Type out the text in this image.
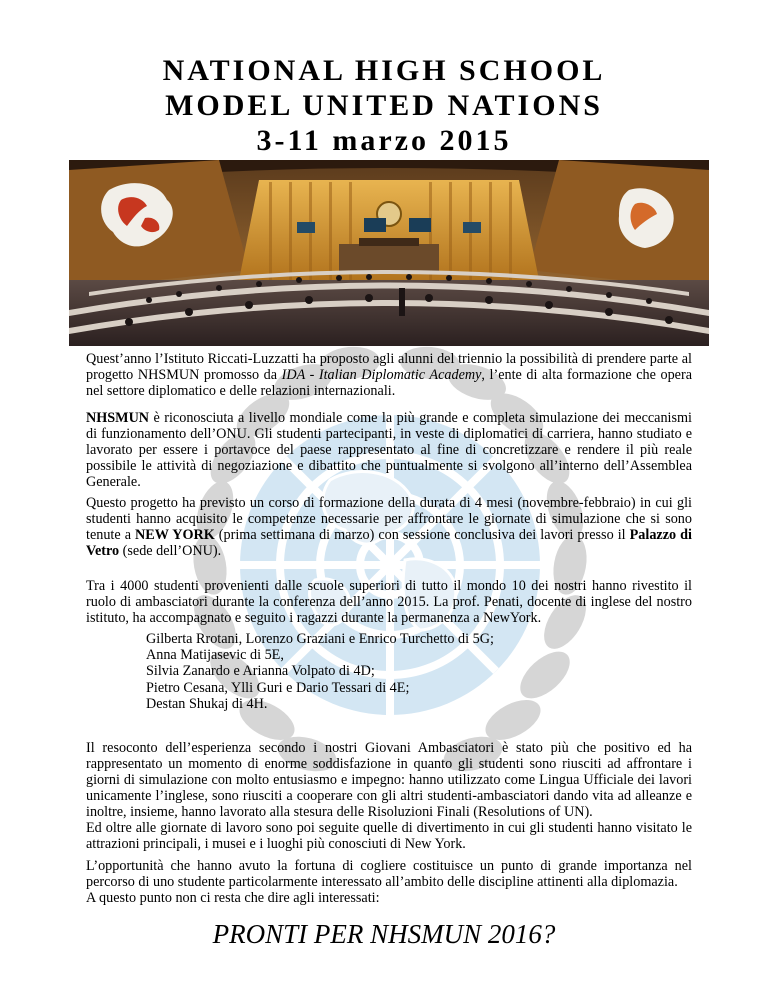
NATIONAL HIGH SCHOOL
MODEL UNITED NATIONS
3-11 marzo 2015
Quest’anno l’Istituto Riccati-Luzzatti ha proposto agli alunni del triennio la possibilità di prendere parte al progetto NHSMUN promosso da IDA - Italian Diplomatic Academy, l’ente di alta formazione che opera nel settore diplomatico e delle relazioni internazionali.
NHSMUN è riconosciuta a livello mondiale come la più grande e completa simulazione dei meccanismi di funzionamento dell’ONU. Gli studenti partecipanti, in veste di diplomatici di carriera, hanno studiato e lavorato per essere i portavoce del paese rappresentato al fine di concretizzare e rendere il più reale possibile le attività di negoziazione e dibattito che puntualmente si svolgono all’interno dell’Assemblea Generale.
Questo progetto ha previsto un corso di formazione della durata di 4 mesi (novembre-febbraio) in cui gli studenti hanno acquisito le competenze necessarie per affrontare le giornate di simulazione che si sono tenute a NEW YORK (prima settimana di marzo) con sessione conclusiva dei lavori presso il Palazzo di Vetro (sede dell’ONU).
Tra i 4000 studenti provenienti dalle scuole superiori di tutto il mondo 10 dei nostri hanno rivestito il ruolo di ambasciatori durante la conferenza dell’anno 2015. La prof. Penati, docente di inglese del nostro istituto, ha accompagnato e seguito i ragazzi durante la permanenza a NewYork.
Gilberta Rrotani, Lorenzo Graziani e Enrico Turchetto di 5G;
Anna Matijasevic di 5E,
Silvia Zanardo e Arianna Volpato di 4D;
Pietro Cesana, Ylli Guri e Dario Tessari di 4E;
Destan Shukaj di 4H.

Il resoconto dell’esperienza secondo i nostri Giovani Ambasciatori è stato più che positivo ed ha rappresentato un momento di enorme soddisfazione in quanto gli studenti sono riusciti ad affrontare i giorni di simulazione con molto entusiasmo e impegno: hanno utilizzato come Lingua Ufficiale dei lavori unicamente l’inglese, sono riusciti a cooperare con gli altri studenti-ambasciatori dando vita ad alleanze e inoltre, insieme, hanno lavorato alla stesura delle Risoluzioni Finali (Resolutions of UN).

Ed oltre alle giornate di lavoro sono poi seguite quelle di divertimento in cui gli studenti hanno visitato le attrazioni principali, i musei e i luoghi più conosciuti di New York.

L’opportunità che hanno avuto la fortuna di cogliere costituisce un punto di grande importanza nel percorso di uno studente particolarmente interessato all’ambito delle discipline attinenti alla diplomazia.

A questo punto non ci resta che dire agli interessati:

PRONTI PER NHSMUN 2016?
